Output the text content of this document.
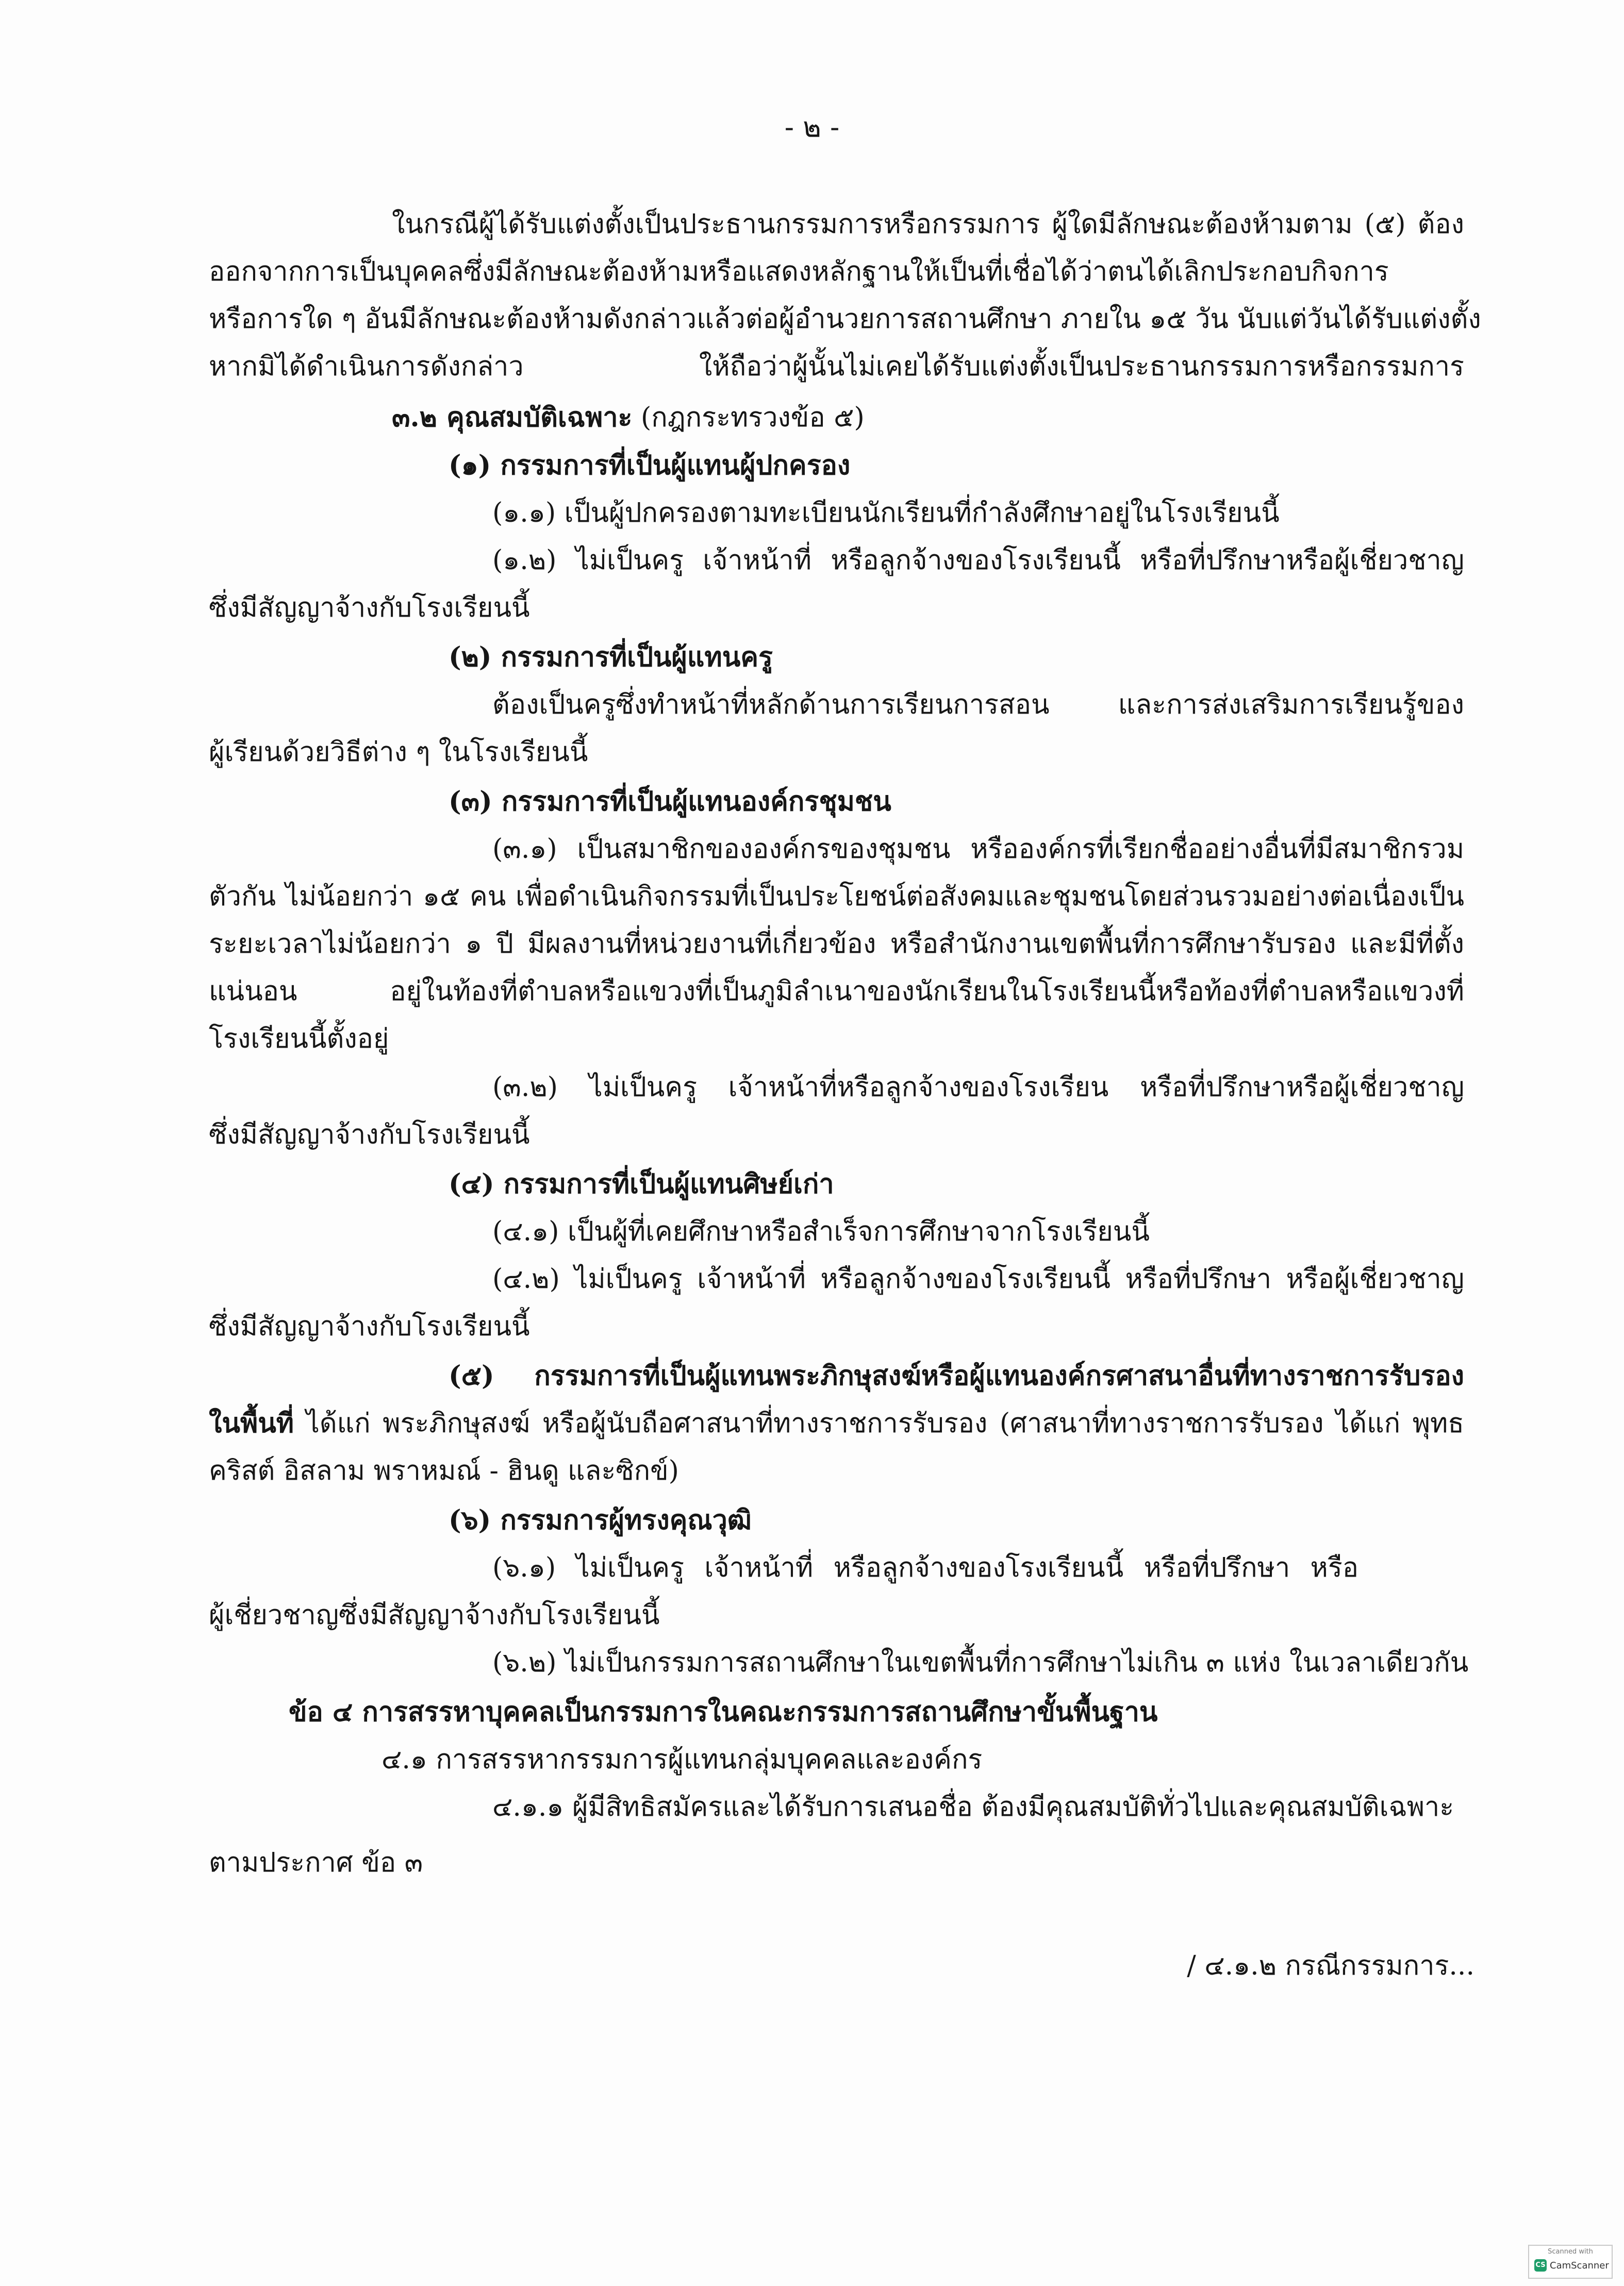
- ๒ -
ในกรณีผู้ได้รับแต่งตั้งเป็นประธานกรรมการหรือกรรมการ ผู้ใดมีลักษณะต้องห้ามตาม (๕) ต้อง
ออกจากการเป็นบุคคลซึ่งมีลักษณะต้องห้ามหรือแสดงหลักฐานให้เป็นที่เชื่อได้ว่าตนได้เลิกประกอบกิจการ
หรือการใด ๆ อันมีลักษณะต้องห้ามดังกล่าวแล้วต่อผู้อำนวยการสถานศึกษา ภายใน ๑๕ วัน นับแต่วันได้รับแต่งตั้ง
หากมิได้ดำเนินการดังกล่าว ให้ถือว่าผู้นั้นไม่เคยได้รับแต่งตั้งเป็นประธานกรรมการหรือกรรมการ
๓.๒ คุณสมบัติเฉพาะ (กฎกระทรวงข้อ ๕)
(๑) กรรมการที่เป็นผู้แทนผู้ปกครอง
(๑.๑) เป็นผู้ปกครองตามทะเบียนนักเรียนที่กำลังศึกษาอยู่ในโรงเรียนนี้
(๑.๒) ไม่เป็นครู เจ้าหน้าที่ หรือลูกจ้างของโรงเรียนนี้ หรือที่ปรึกษาหรือผู้เชี่ยวชาญ
ซึ่งมีสัญญาจ้างกับโรงเรียนนี้
(๒) กรรมการที่เป็นผู้แทนครู
ต้องเป็นครูซึ่งทำหน้าที่หลักด้านการเรียนการสอน และการส่งเสริมการเรียนรู้ของ
ผู้เรียนด้วยวิธีต่าง ๆ ในโรงเรียนนี้
(๓) กรรมการที่เป็นผู้แทนองค์กรชุมชน
(๓.๑) เป็นสมาชิกขององค์กรของชุมชน หรือองค์กรที่เรียกชื่ออย่างอื่นที่มีสมาชิกรวม
ตัวกัน ไม่น้อยกว่า ๑๕ คน เพื่อดำเนินกิจกรรมที่เป็นประโยชน์ต่อสังคมและชุมชนโดยส่วนรวมอย่างต่อเนื่องเป็น
ระยะเวลาไม่น้อยกว่า ๑ ปี มีผลงานที่หน่วยงานที่เกี่ยวข้อง หรือสำนักงานเขตพื้นที่การศึกษารับรอง และมีที่ตั้ง
แน่นอน อยู่ในท้องที่ตำบลหรือแขวงที่เป็นภูมิลำเนาของนักเรียนในโรงเรียนนี้หรือท้องที่ตำบลหรือแขวงที่
โรงเรียนนี้ตั้งอยู่
(๓.๒) ไม่เป็นครู เจ้าหน้าที่หรือลูกจ้างของโรงเรียน หรือที่ปรึกษาหรือผู้เชี่ยวชาญ
ซึ่งมีสัญญาจ้างกับโรงเรียนนี้
(๔) กรรมการที่เป็นผู้แทนศิษย์เก่า
(๔.๑) เป็นผู้ที่เคยศึกษาหรือสำเร็จการศึกษาจากโรงเรียนนี้
(๔.๒) ไม่เป็นครู เจ้าหน้าที่ หรือลูกจ้างของโรงเรียนนี้ หรือที่ปรึกษา หรือผู้เชี่ยวชาญ
ซึ่งมีสัญญาจ้างกับโรงเรียนนี้
(๕) กรรมการที่เป็นผู้แทนพระภิกษุสงฆ์หรือผู้แทนองค์กรศาสนาอื่นที่ทางราชการรับรอง
ในพื้นที่ ได้แก่ พระภิกษุสงฆ์ หรือผู้นับถือศาสนาที่ทางราชการรับรอง (ศาสนาที่ทางราชการรับรอง ได้แก่ พุทธ
คริสต์ อิสลาม พราหมณ์ - ฮินดู และซิกข์)
(๖) กรรมการผู้ทรงคุณวุฒิ
(๖.๑) ไม่เป็นครู เจ้าหน้าที่ หรือลูกจ้างของโรงเรียนนี้ หรือที่ปรึกษา หรือ
ผู้เชี่ยวชาญซึ่งมีสัญญาจ้างกับโรงเรียนนี้
(๖.๒) ไม่เป็นกรรมการสถานศึกษาในเขตพื้นที่การศึกษาไม่เกิน ๓ แห่ง ในเวลาเดียวกัน
ข้อ ๔ การสรรหาบุคคลเป็นกรรมการในคณะกรรมการสถานศึกษาขั้นพื้นฐาน
๔.๑ การสรรหากรรมการผู้แทนกลุ่มบุคคลและองค์กร
๔.๑.๑ ผู้มีสิทธิสมัครและได้รับการเสนอชื่อ ต้องมีคุณสมบัติทั่วไปและคุณสมบัติเฉพาะ
ตามประกาศ ข้อ ๓
/ ๔.๑.๒ กรณีกรรมการ...
Scanned with
CS CamScanner
